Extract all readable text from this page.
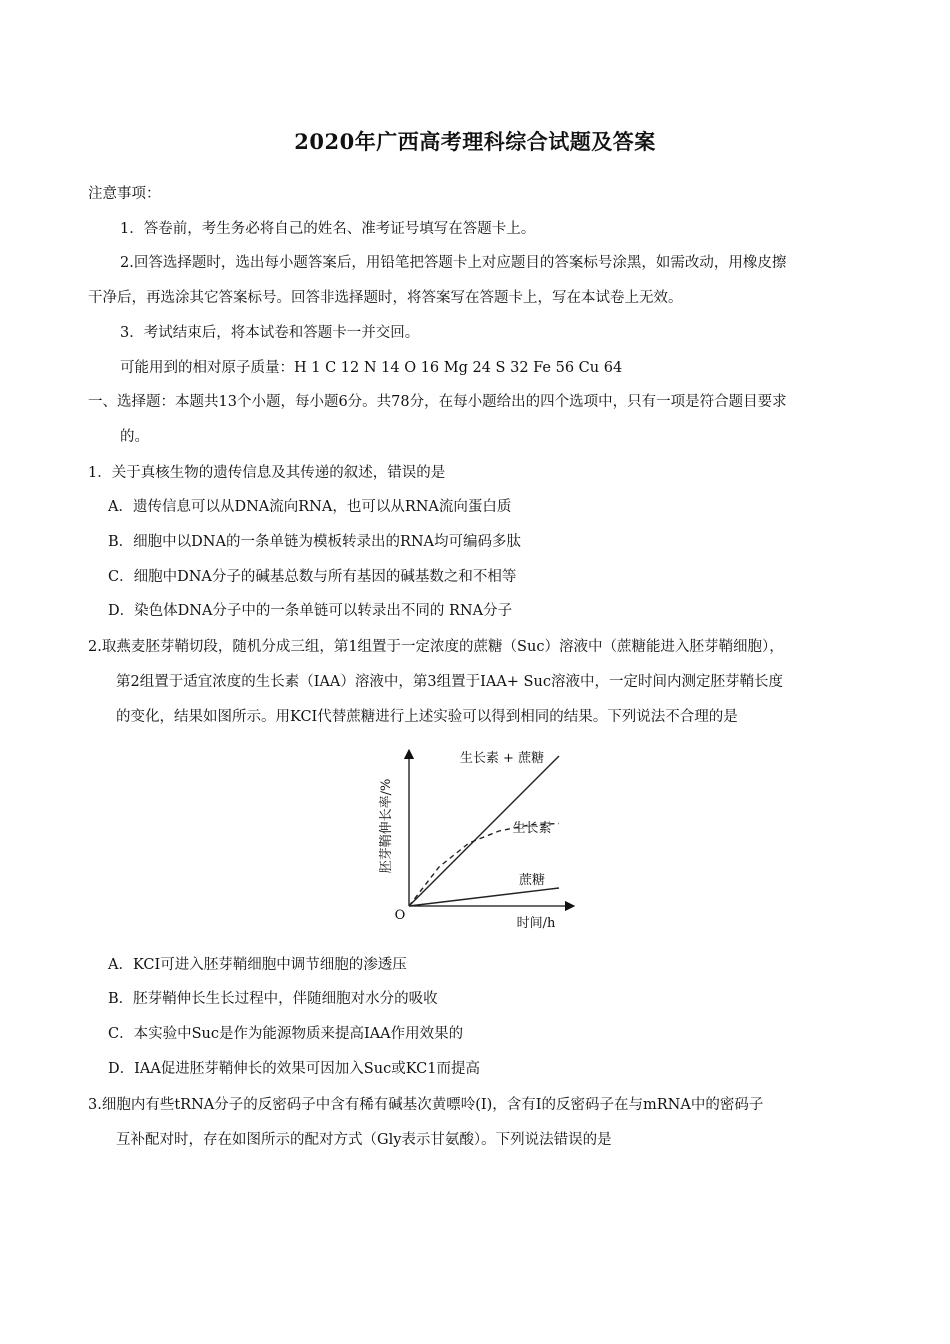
2020年广西高考理科综合试题及答案
注意事项：
1．答卷前，考生务必将自己的姓名、准考证号填写在答题卡上。
2.回答选择题时，选出每小题答案后，用铅笔把答题卡上对应题目的答案标号涂黑，如需改动，用橡皮擦
干净后，再选涂其它答案标号。回答非选择题时，将答案写在答题卡上，写在本试卷上无效。
3．考试结束后，将本试卷和答题卡一并交回。
可能用到的相对原子质量：H 1 C 12 N 14 O 16 Mg 24 S 32 Fe 56 Cu 64
一、选择题：本题共13个小题，每小题6分。共78分，在每小题给出的四个选项中，只有一项是符合题目要求
的。
1．关于真核生物的遗传信息及其传递的叙述，错误的是
A．遗传信息可以从DNA流向RNA，也可以从RNA流向蛋白质
B．细胞中以DNA的一条单链为模板转录出的RNA均可编码多肽
C．细胞中DNA分子的碱基总数与所有基因的碱基数之和不相等
D．染色体DNA分子中的一条单链可以转录出不同的 RNA分子
2.取燕麦胚芽鞘切段，随机分成三组，第1组置于一定浓度的蔗糖（Suc）溶液中（蔗糖能进入胚芽鞘细胞），
第2组置于适宜浓度的生长素（IAA）溶液中，第3组置于IAA+ Suc溶液中，一定时间内测定胚芽鞘长度
的变化，结果如图所示。用KCI代替蔗糖进行上述实验可以得到相同的结果。下列说法不合理的是
O
时间/h
胚芽鞘伸长率/%
生长素 + 蔗糖
生长素
蔗糖
A．KCI可进入胚芽鞘细胞中调节细胞的渗透压
B．胚芽鞘伸长生长过程中，伴随细胞对水分的吸收
C．本实验中Suc是作为能源物质来提高IAA作用效果的
D．IAA促进胚芽鞘伸长的效果可因加入Suc或KC1而提高
3.细胞内有些tRNA分子的反密码子中含有稀有碱基次黄嘌呤(I)，含有I的反密码子在与mRNA中的密码子
互补配对时，存在如图所示的配对方式（Gly表示甘氨酸）。下列说法错误的是
